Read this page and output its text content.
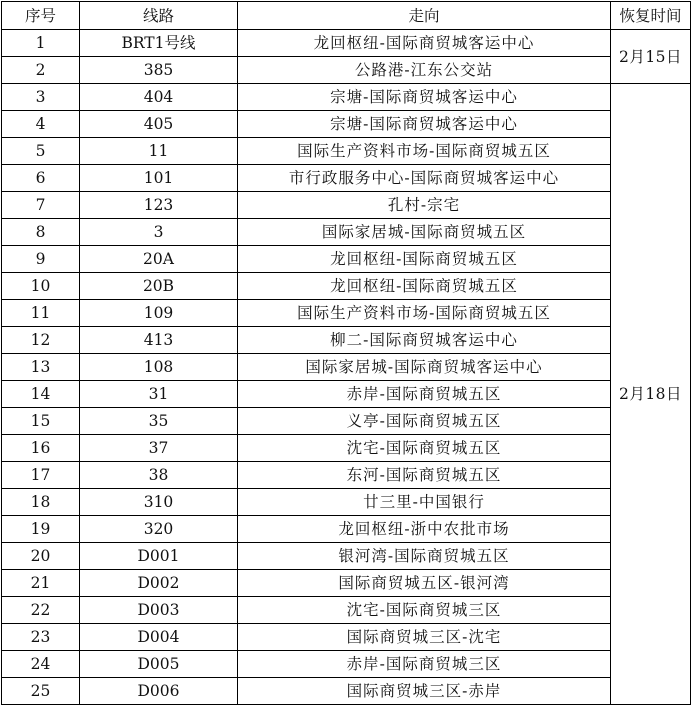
序号	线路	走向	恢复时间
1	BRT1号线	龙回枢纽-国际商贸城客运中心	2月15日
2	385	公路港-江东公交站	
3	404	宗塘-国际商贸城客运中心	2月18日
4	405	宗塘-国际商贸城客运中心	
5	11	国际生产资料市场-国际商贸城五区	
6	101	市行政服务中心-国际商贸城客运中心	
7	123	孔村-宗宅	
8	3	国际家居城-国际商贸城五区	
9	20A	龙回枢纽-国际商贸城五区	
10	20B	龙回枢纽-国际商贸城五区	
11	109	国际生产资料市场-国际商贸城五区	
12	413	柳二-国际商贸城客运中心	
13	108	国际家居城-国际商贸城客运中心	
14	31	赤岸-国际商贸城五区	
15	35	义亭-国际商贸城五区	
16	37	沈宅-国际商贸城五区	
17	38	东河-国际商贸城五区	
18	310	廿三里-中国银行	
19	320	龙回枢纽-浙中农批市场	
20	D001	银河湾-国际商贸城五区	
21	D002	国际商贸城五区-银河湾	
22	D003	沈宅-国际商贸城三区	
23	D004	国际商贸城三区-沈宅	
24	D005	赤岸-国际商贸城三区	
25	D006	国际商贸城三区-赤岸	
